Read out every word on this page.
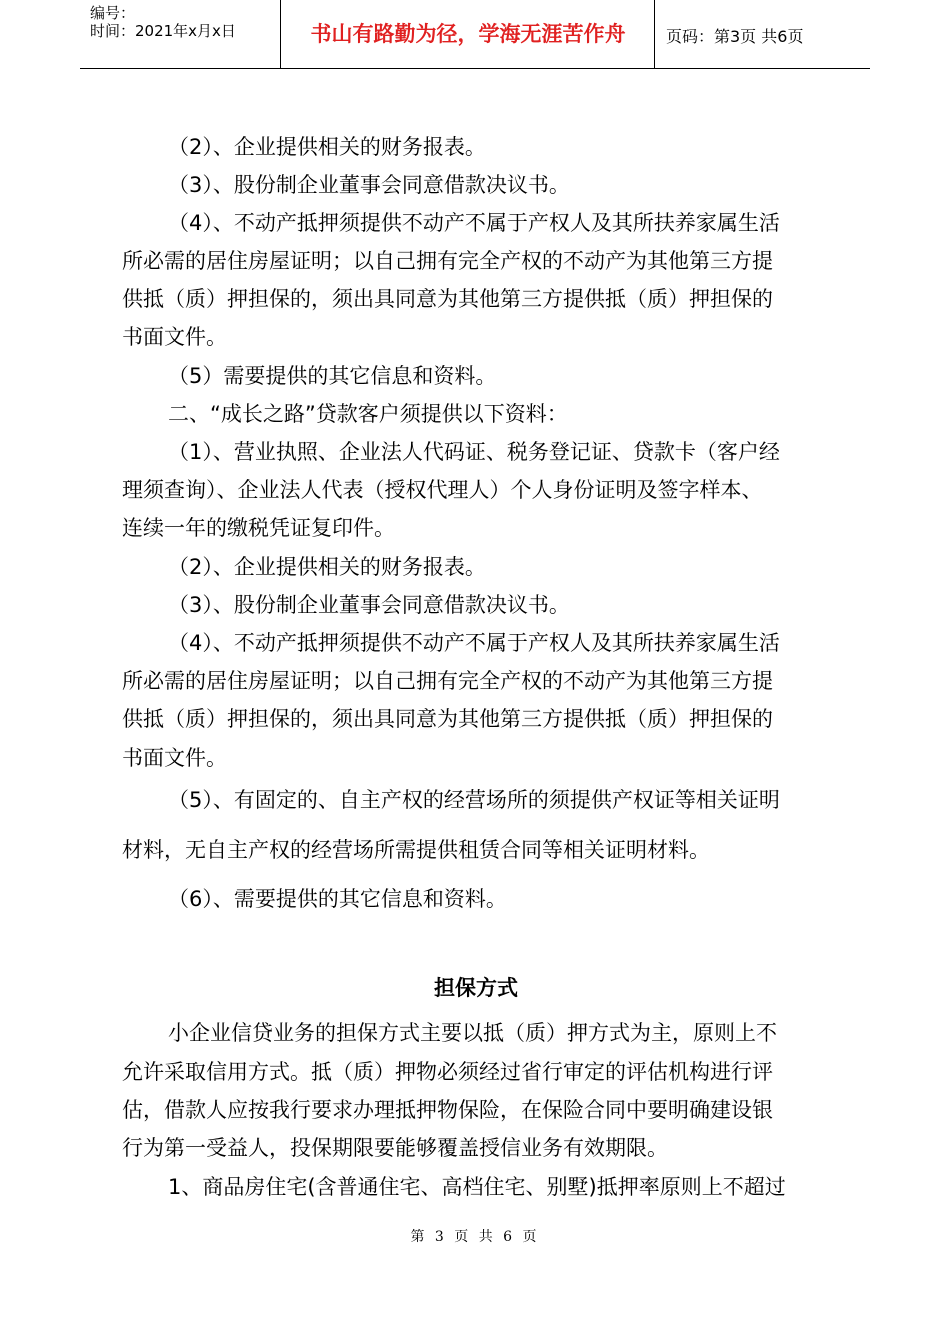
编号：
时间：2021年x月x日	书山有路勤为径，学海无涯苦作舟	页码：第3页 共6页
（2）、企业提供相关的财务报表。
（3）、股份制企业董事会同意借款决议书。
（4）、不动产抵押须提供不动产不属于产权人及其所扶养家属生活
所必需的居住房屋证明；以自己拥有完全产权的不动产为其他第三方提
供抵（质）押担保的，须出具同意为其他第三方提供抵（质）押担保的
书面文件。
（5）需要提供的其它信息和资料。
二、“成长之路”贷款客户须提供以下资料：
（1）、营业执照、企业法人代码证、税务登记证、贷款卡（客户经
理须查询）、企业法人代表（授权代理人）个人身份证明及签字样本、
连续一年的缴税凭证复印件。
（2）、企业提供相关的财务报表。
（3）、股份制企业董事会同意借款决议书。
（4）、不动产抵押须提供不动产不属于产权人及其所扶养家属生活
所必需的居住房屋证明；以自己拥有完全产权的不动产为其他第三方提
供抵（质）押担保的，须出具同意为其他第三方提供抵（质）押担保的
书面文件。
（5）、有固定的、自主产权的经营场所的须提供产权证等相关证明
材料，无自主产权的经营场所需提供租赁合同等相关证明材料。
（6）、需要提供的其它信息和资料。
担保方式
小企业信贷业务的担保方式主要以抵（质）押方式为主，原则上不
允许采取信用方式。抵（质）押物必须经过省行审定的评估机构进行评
估，借款人应按我行要求办理抵押物保险，在保险合同中要明确建设银
行为第一受益人，投保期限要能够覆盖授信业务有效期限。
1、商品房住宅(含普通住宅、高档住宅、别墅)抵押率原则上不超过
第 3 页 共 6 页
